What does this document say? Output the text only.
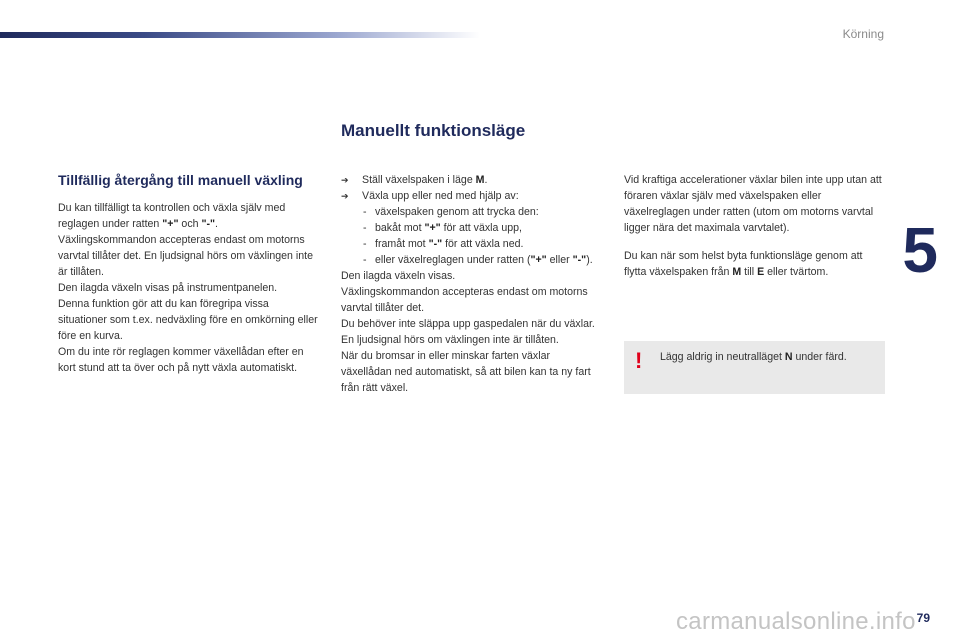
Körning
5
Manuellt funktionsläge
Tillfällig återgång till manuell växling

Du kan tillfälligt ta kontrollen och växla själv med reglagen under ratten "+" och "-".

Växlingskommandon accepteras endast om motorns varvtal tillåter det. En ljudsignal hörs om växlingen inte är tillåten.

Den ilagda växeln visas på instrumentpanelen.

Denna funktion gör att du kan föregripa vissa situationer som t.ex. nedväxling före en omkörning eller före en kurva.

Om du inte rör reglagen kommer växellådan efter en kort stund att ta över och på nytt växla automatiskt.

➔ Ställ växelspaken i läge M.

➔ Växla upp eller ned med hjälp av:

- växelspaken genom att trycka den:

- bakåt mot "+" för att växla upp,

- framåt mot "-" för att växla ned.

- eller växelreglagen under ratten ("+" eller "-").

Den ilagda växeln visas.

Växlingskommandon accepteras endast om motorns varvtal tillåter det.

Du behöver inte släppa upp gaspedalen när du växlar. En ljudsignal hörs om växlingen inte är tillåten.

När du bromsar in eller minskar farten växlar växellådan ned automatiskt, så att bilen kan ta ny fart från rätt växel.

Vid kraftiga accelerationer växlar bilen inte upp utan att föraren växlar själv med växelspaken eller växelreglagen under ratten (utom om motorns varvtal ligger nära det maximala varvtalet).

Du kan när som helst byta funktionsläge genom att flytta växelspaken från M till E eller tvärtom.

! Lägg aldrig in neutralläget N under färd.
carmanualsonline.info 79
